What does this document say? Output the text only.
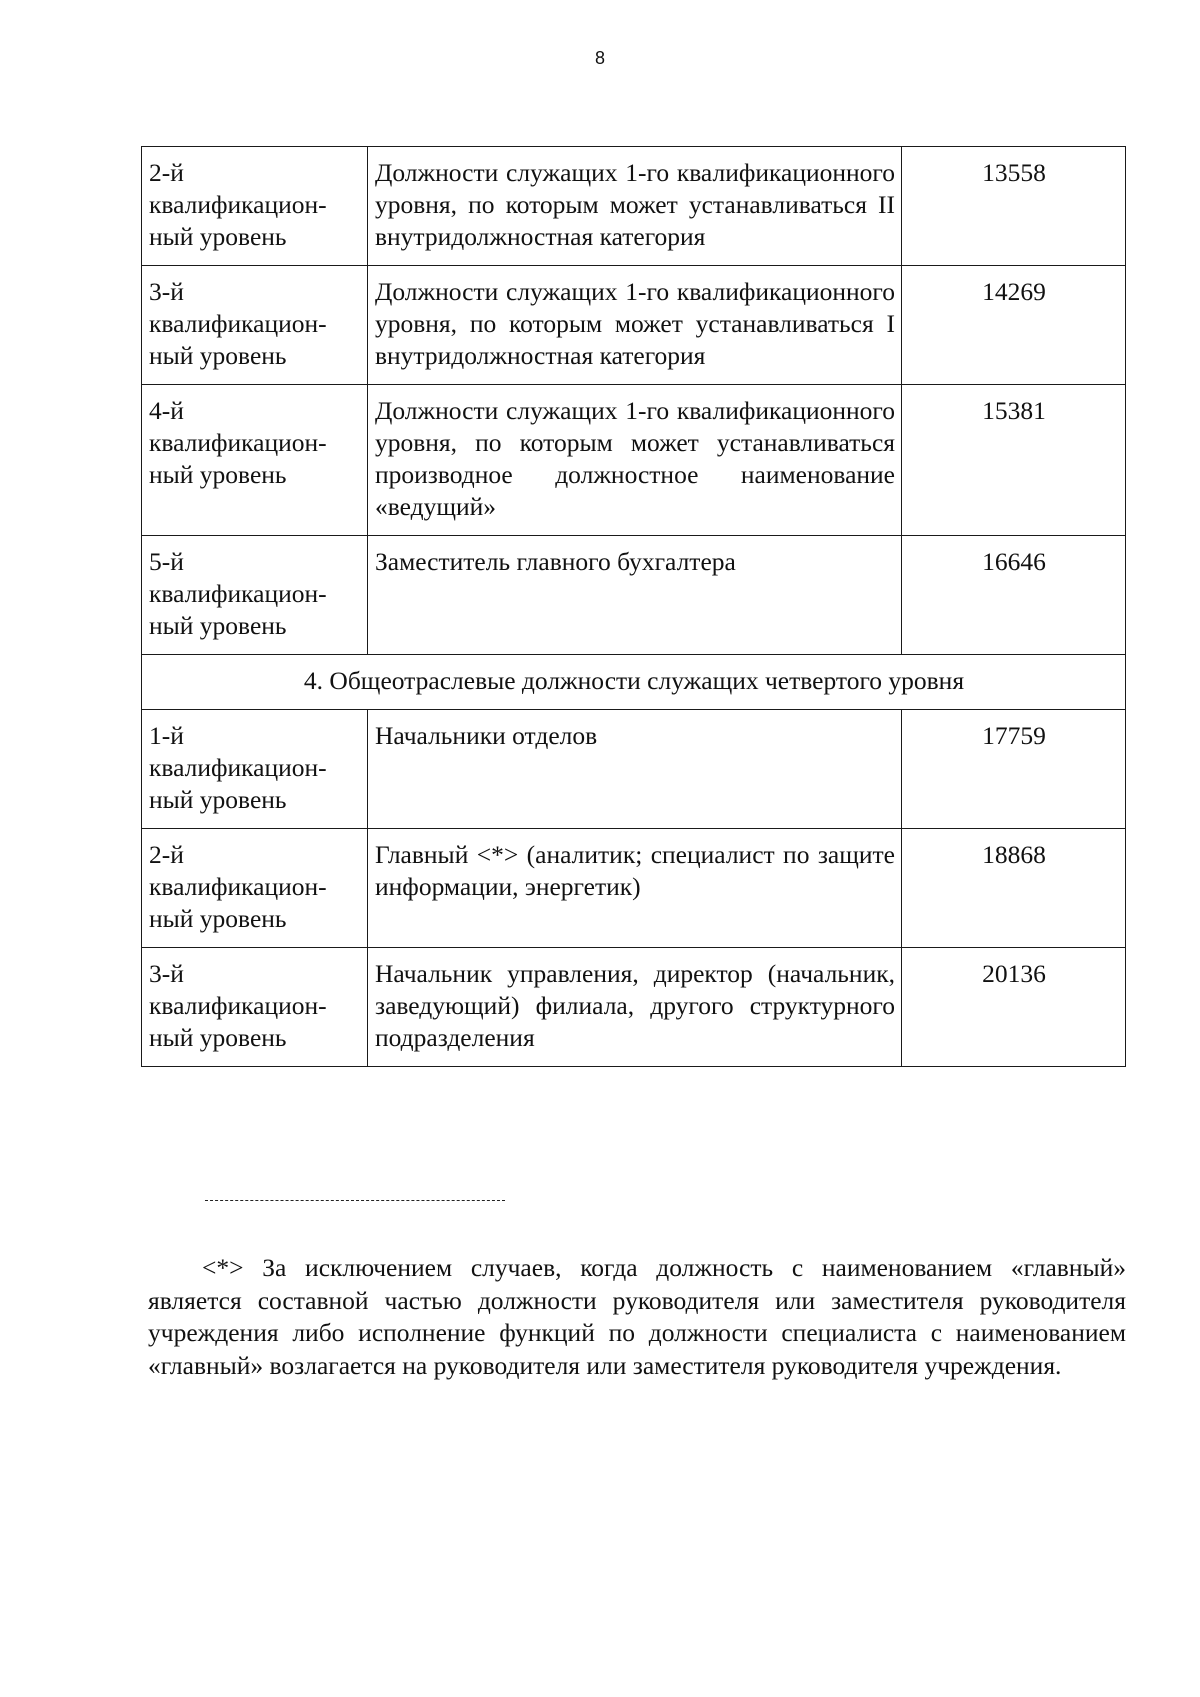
8
2-й
квалификацион-
ный уровень	Должности служащих 1-го квалификационного уровня, по которым может устанавливаться II внутридолжностная категория	13558
3-й
квалификацион-
ный уровень	Должности служащих 1-го квалификационного уровня, по которым может устанавливаться I внутридолжностная категория	14269
4-й
квалификацион-
ный уровень	Должности служащих 1-го квалификационного уровня, по которым может устанавливаться производное должностное наименование «ведущий»	15381
5-й
квалификацион-
ный уровень	Заместитель главного бухгалтера	16646
4. Общеотраслевые должности служащих четвертого уровня		
1-й
квалификацион-
ный уровень	Начальники отделов	17759
2-й
квалификацион-
ный уровень	Главный <*> (аналитик; специалист по защите информации, энергетик)	18868
3-й
квалификацион-
ный уровень	Начальник управления, директор (начальник, заведующий) филиала, другого структурного подразделения	20136

<*> За исключением случаев, когда должность с наименованием «главный» является составной частью должности руководителя или заместителя руководителя учреждения либо исполнение функций по должности специалиста с наименованием «главный» возлагается на руководителя или заместителя руководителя учреждения.
